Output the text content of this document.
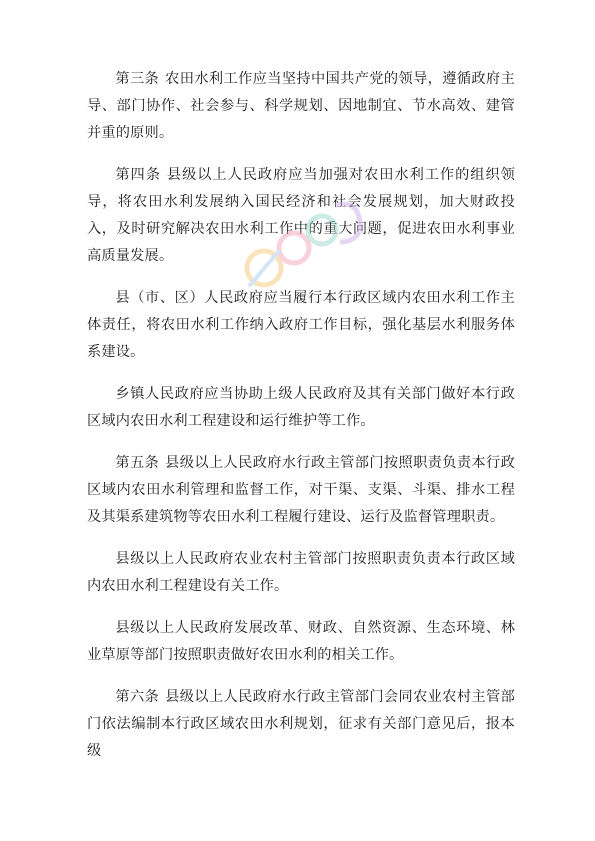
第三条 农田水利工作应当坚持中国共产党的领导，遵循政府主导、部门协作、社会参与、科学规划、因地制宜、节水高效、建管并重的原则。

第四条 县级以上人民政府应当加强对农田水利工作的组织领导，将农田水利发展纳入国民经济和社会发展规划，加大财政投入，及时研究解决农田水利工作中的重大问题，促进农田水利事业高质量发展。

县（市、区）人民政府应当履行本行政区域内农田水利工作主体责任，将农田水利工作纳入政府工作目标，强化基层水利服务体系建设。

乡镇人民政府应当协助上级人民政府及其有关部门做好本行政区域内农田水利工程建设和运行维护等工作。

第五条 县级以上人民政府水行政主管部门按照职责负责本行政区域内农田水利管理和监督工作，对干渠、支渠、斗渠、排水工程及其渠系建筑物等农田水利工程履行建设、运行及监督管理职责。

县级以上人民政府农业农村主管部门按照职责负责本行政区域内农田水利工程建设有关工作。

县级以上人民政府发展改革、财政、自然资源、生态环境、林业草原等部门按照职责做好农田水利的相关工作。

第六条 县级以上人民政府水行政主管部门会同农业农村主管部门依法编制本行政区域农田水利规划，征求有关部门意见后，报本级
